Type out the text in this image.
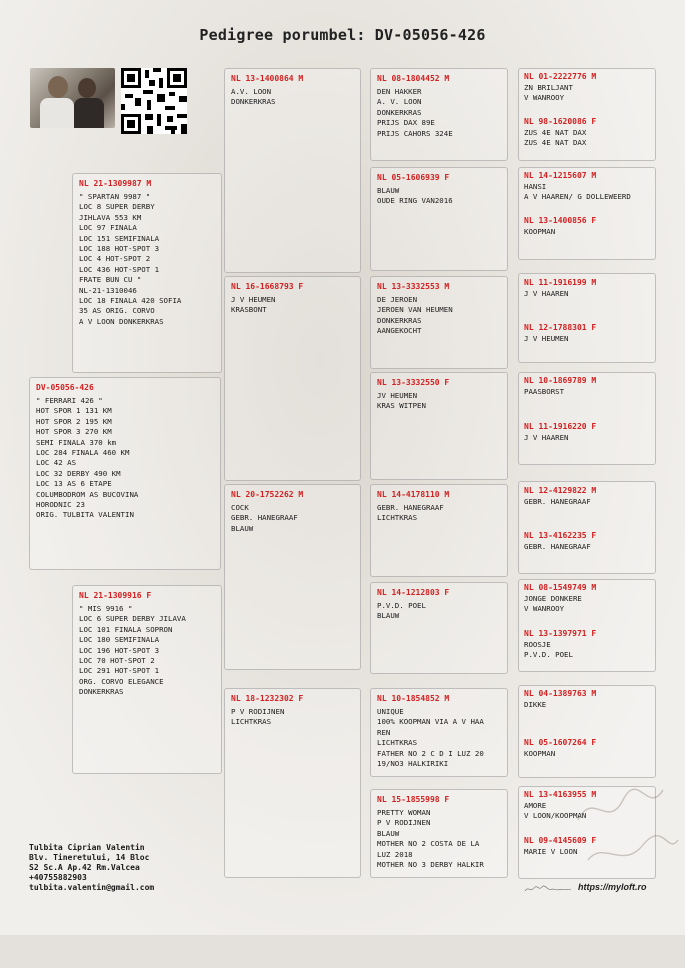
Pedigree porumbel: DV-05056-426
DV-05056-426
" FERRARI 426 "
HOT SPOR 1 131 KM
HOT SPOR 2 195 KM
HOT SPOR 3 270 KM
SEMI FINALA 370 km
LOC 284 FINALA 460 KM
LOC 42 AS
LOC 32 DERBY 490 KM
LOC 13 AS 6 ETAPE
COLUMBODROM AS BUCOVINA
HORODNIC 23
ORIG. TULBITA VALENTIN
NL 21-1309987 M
" SPARTAN 9987 "
LOC 8 SUPER DERBY
JIHLAVA 553 KM
LOC 97 FINALA
LOC 151 SEMIFINALA
LOC 188 HOT-SPOT 3
LOC 4 HOT-SPOT 2
LOC 436 HOT-SPOT 1
FRATE BUN CU "
NL-21-1310046
LOC 18 FINALA 420 SOFIA
35 AS ORIG. CORVO
A V LOON DONKERKRAS
NL 21-1309916 F
" MIS 9916 "
LOC 6 SUPER DERBY JILAVA
LOC 101 FINALA SOPRON
LOC 180 SEMIFINALA
LOC 196 HOT-SPOT 3
LOC 70 HOT-SPOT 2
LOC 291 HOT-SPOT 1
ORG. CORVO ELEGANCE
DONKERKRAS
NL 13-1400864 M
A.V. LOON
DONKERKRAS
NL 16-1668793 F
J V HEUMEN
KRASBONT
NL 20-1752262 M
COCK
GEBR. HANEGRAAF
BLAUW
NL 18-1232302 F
P V RODIJNEN
LICHTKRAS
NL 08-1804452 M
DEN HAKKER
A. V. LOON
DONKERKRAS
PRIJS DAX 89E
PRIJS CAHORS 324E
NL 05-1606939 F
BLAUW
OUDE RING VAN2016
NL 13-3332553 M
DE JEROEN
JEROEN VAN HEUMEN
DONKERKRAS
AANGEKOCHT
NL 13-3332550 F
JV HEUMEN
KRAS WITPEN
NL 14-4178110 M
GEBR. HANEGRAAF
LICHTKRAS
NL 14-1212803 F
P.V.D. POEL
BLAUW
NL 10-1854852 M
UNIQUE
100% KOOPMAN VIA A V HAA
REN
LICHTKRAS
FATHER NO 2 C D I LUZ 20
19/NO3 HALKIRIKI
NL 15-1855998 F
PRETTY WOMAN
P V RODIJNEN
BLAUW
MOTHER NO 2 COSTA DE LA
LUZ 2018
MOTHER NO 3 DERBY HALKIR
NL 01-2222776 M
ZN BRILJANT
V WANROOY
NL 98-1620086 F
ZUS 4E NAT DAX
ZUS 4E NAT DAX
NL 14-1215607 M
HANSI
A V HAAREN/ G DOLLEWEERD
NL 13-1400856 F
KOOPMAN
NL 11-1916199 M
J V HAAREN
NL 12-1788301 F
J V HEUMEN
NL 10-1869789 M
PAASBORST
NL 11-1916220 F
J V HAAREN
NL 12-4129822 M
GEBR. HANEGRAAF
NL 13-4162235 F
GEBR. HANEGRAAF
NL 08-1549749 M
JONGE DONKERE
V WANROOY
NL 13-1397971 F
ROOSJE
P.V.D. POEL
NL 04-1389763 M
DIKKE
NL 05-1607264 F
KOOPMAN
NL 13-4163955 M
AMORE
V LOON/KOOPMAN
NL 09-4145609 F
MARIE V LOON
Tulbita Ciprian Valentin
Blv. Tineretului, 14 Bloc
S2 Sc.A Ap.42 Rm.Valcea
+40755882903
tulbita.valentin@gmail.com	https://myloft.ro
